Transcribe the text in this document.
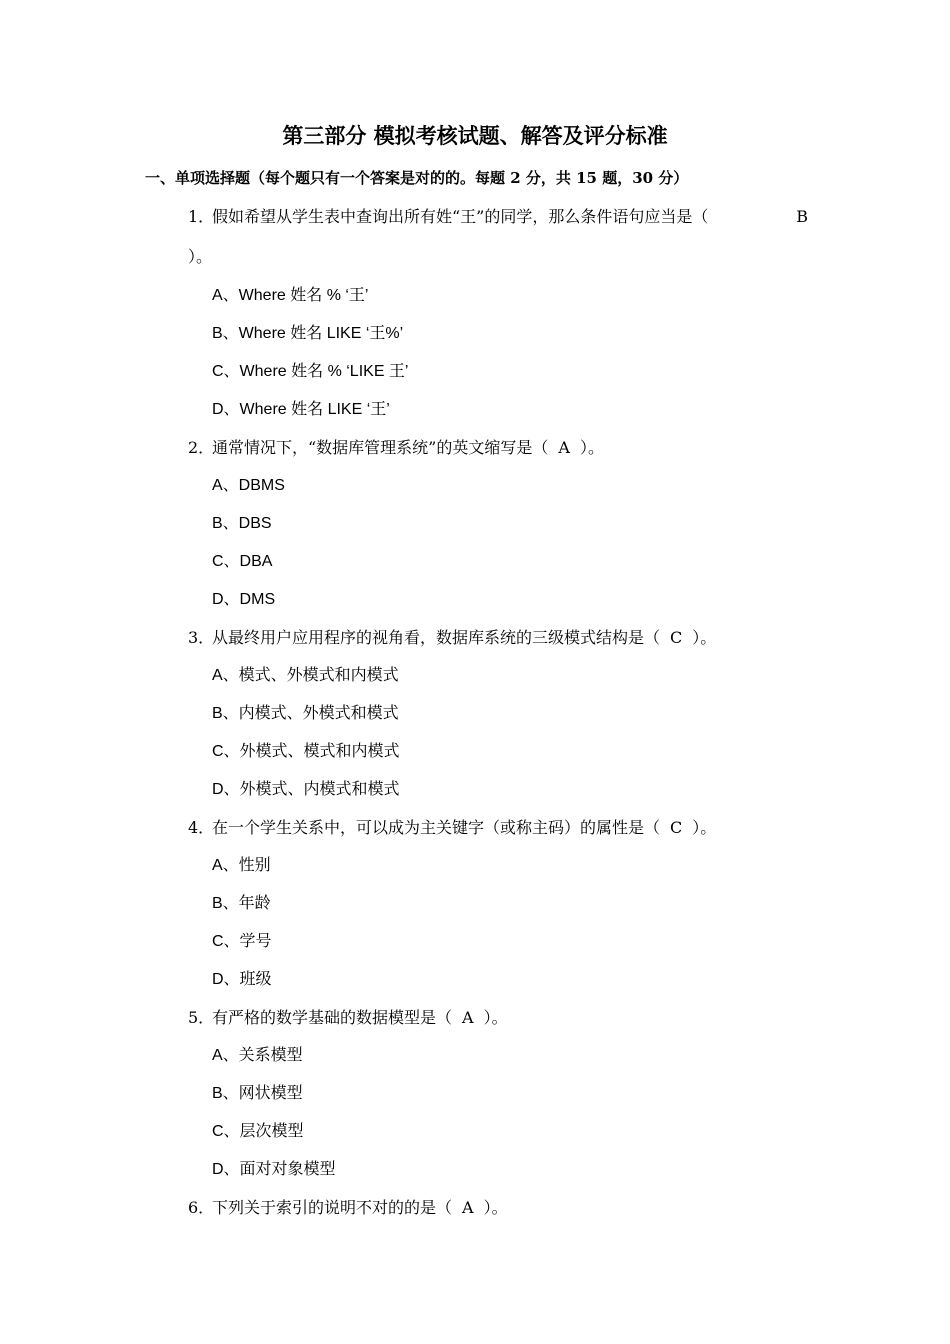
第三部分 模拟考核试题、解答及评分标准
一、单项选择题（每个题只有一个答案是对的的。每题 2 分，共 15 题，30 分）
1．假如希望从学生表中查询出所有姓“王”的同学，那么条件语句应当是（	B
）。
A、Where 姓名 % ‘王’
B、Where 姓名 LIKE ‘王%’
C、Where 姓名 % ‘LIKE 王’
D、Where 姓名 LIKE ‘王’
2．通常情况下，“数据库管理系统”的英文缩写是（ A ）。
A、DBMS
B、DBS
C、DBA
D、DMS
3．从最终用户应用程序的视角看，数据库系统的三级模式结构是（ C ）。
A、模式、外模式和内模式
B、内模式、外模式和模式
C、外模式、模式和内模式
D、外模式、内模式和模式
4．在一个学生关系中，可以成为主关键字（或称主码）的属性是（ C ）。
A、性别
B、年龄
C、学号
D、班级
5．有严格的数学基础的数据模型是（ A ）。
A、关系模型
B、网状模型
C、层次模型
D、面对对象模型
6．下列关于索引的说明不对的的是（ A ）。
